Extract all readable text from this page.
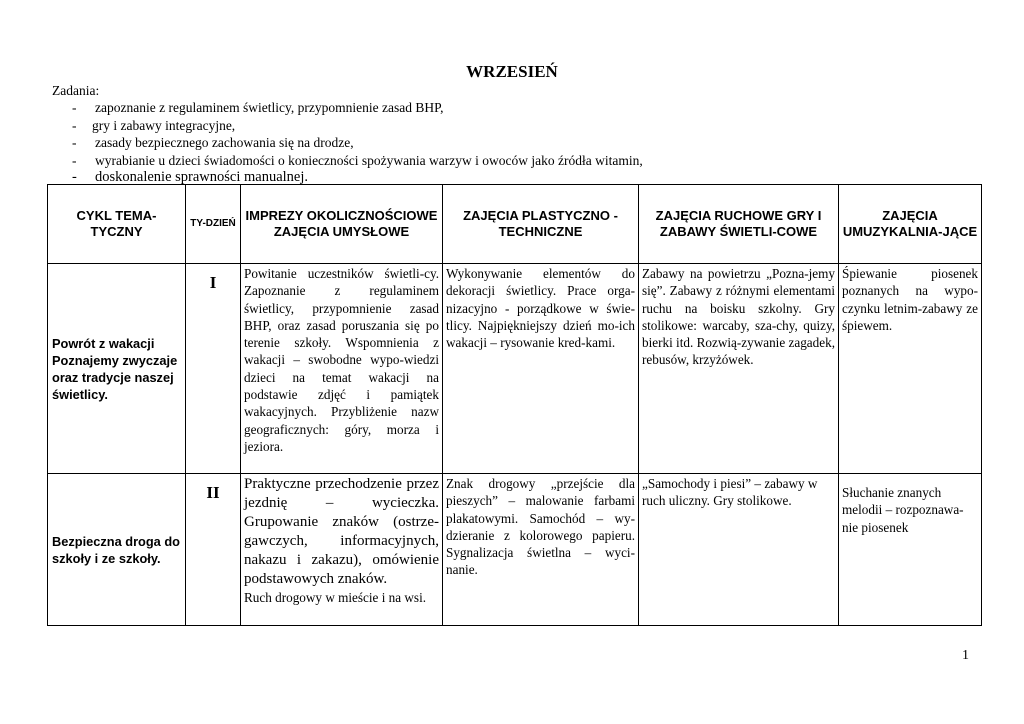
WRZESIEŃ
Zadania:
-	zapoznanie z regulaminem świetlicy, przypomnienie zasad BHP,
-	gry i zabawy integracyjne,
-	zasady bezpiecznego zachowania się na drodze,
-	wyrabianie u dzieci świadomości o konieczności spożywania warzyw i owoców jako źródła witamin,
-	doskonalenie sprawności manualnej.
CYKL TEMA-TYCZNY	TY-DZIEŃ	IMPREZY OKOLICZNOŚCIOWE ZAJĘCIA UMYSŁOWE	ZAJĘCIA PLASTYCZNO - TECHNICZNE	ZAJĘCIA RUCHOWE GRY I ZABAWY ŚWIETLI-COWE	ZAJĘCIA UMUZYKALNIA-JĄCE
Powrót z wakacji Poznajemy zwyczaje oraz tradycje naszej świetlicy.	I	Powitanie uczestników świetli-cy. Zapoznanie z regulaminem świetlicy, przypomnienie zasad BHP, oraz zasad poruszania się po terenie szkoły. Wspomnienia z wakacji – swobodne wypo-wiedzi dzieci na temat wakacji na podstawie zdjęć i pamiątek wakacyjnych. Przybliżenie nazw geograficznych: góry, morza i jeziora.	Wykonywanie elementów do dekoracji świetlicy. Prace orga-nizacyjno - porządkowe w świe-tlicy. Najpiękniejszy dzień mo-ich wakacji – rysowanie kred-kami.	Zabawy na powietrzu „Pozna-jemy się”. Zabawy z różnymi elementami ruchu na boisku szkolny. Gry stolikowe: warcaby, sza-chy, quizy, bierki itd. Rozwią-zywanie zagadek, rebusów, krzyżówek.	Śpiewanie piosenek poznanych na wypo-czynku letnim-zabawy ze śpiewem.
Bezpieczna droga do szkoły i ze szkoły.	II	Praktyczne przechodzenie przez jezdnię – wycieczka. Grupowanie znaków (ostrze-gawczych, informacyjnych, nakazu i zakazu), omówienie podstawowych znaków.
Ruch drogowy w mieście i na wsi.	Znak drogowy „przejście dla pieszych” – malowanie farbami plakatowymi. Samochód – wy-dzieranie z kolorowego papieru. Sygnalizacja świetlna – wyci-nanie.	„Samochody i piesi” – zabawy w ruch uliczny. Gry stolikowe.	Słuchanie znanych melodii – rozpoznawa-nie piosenek
1
